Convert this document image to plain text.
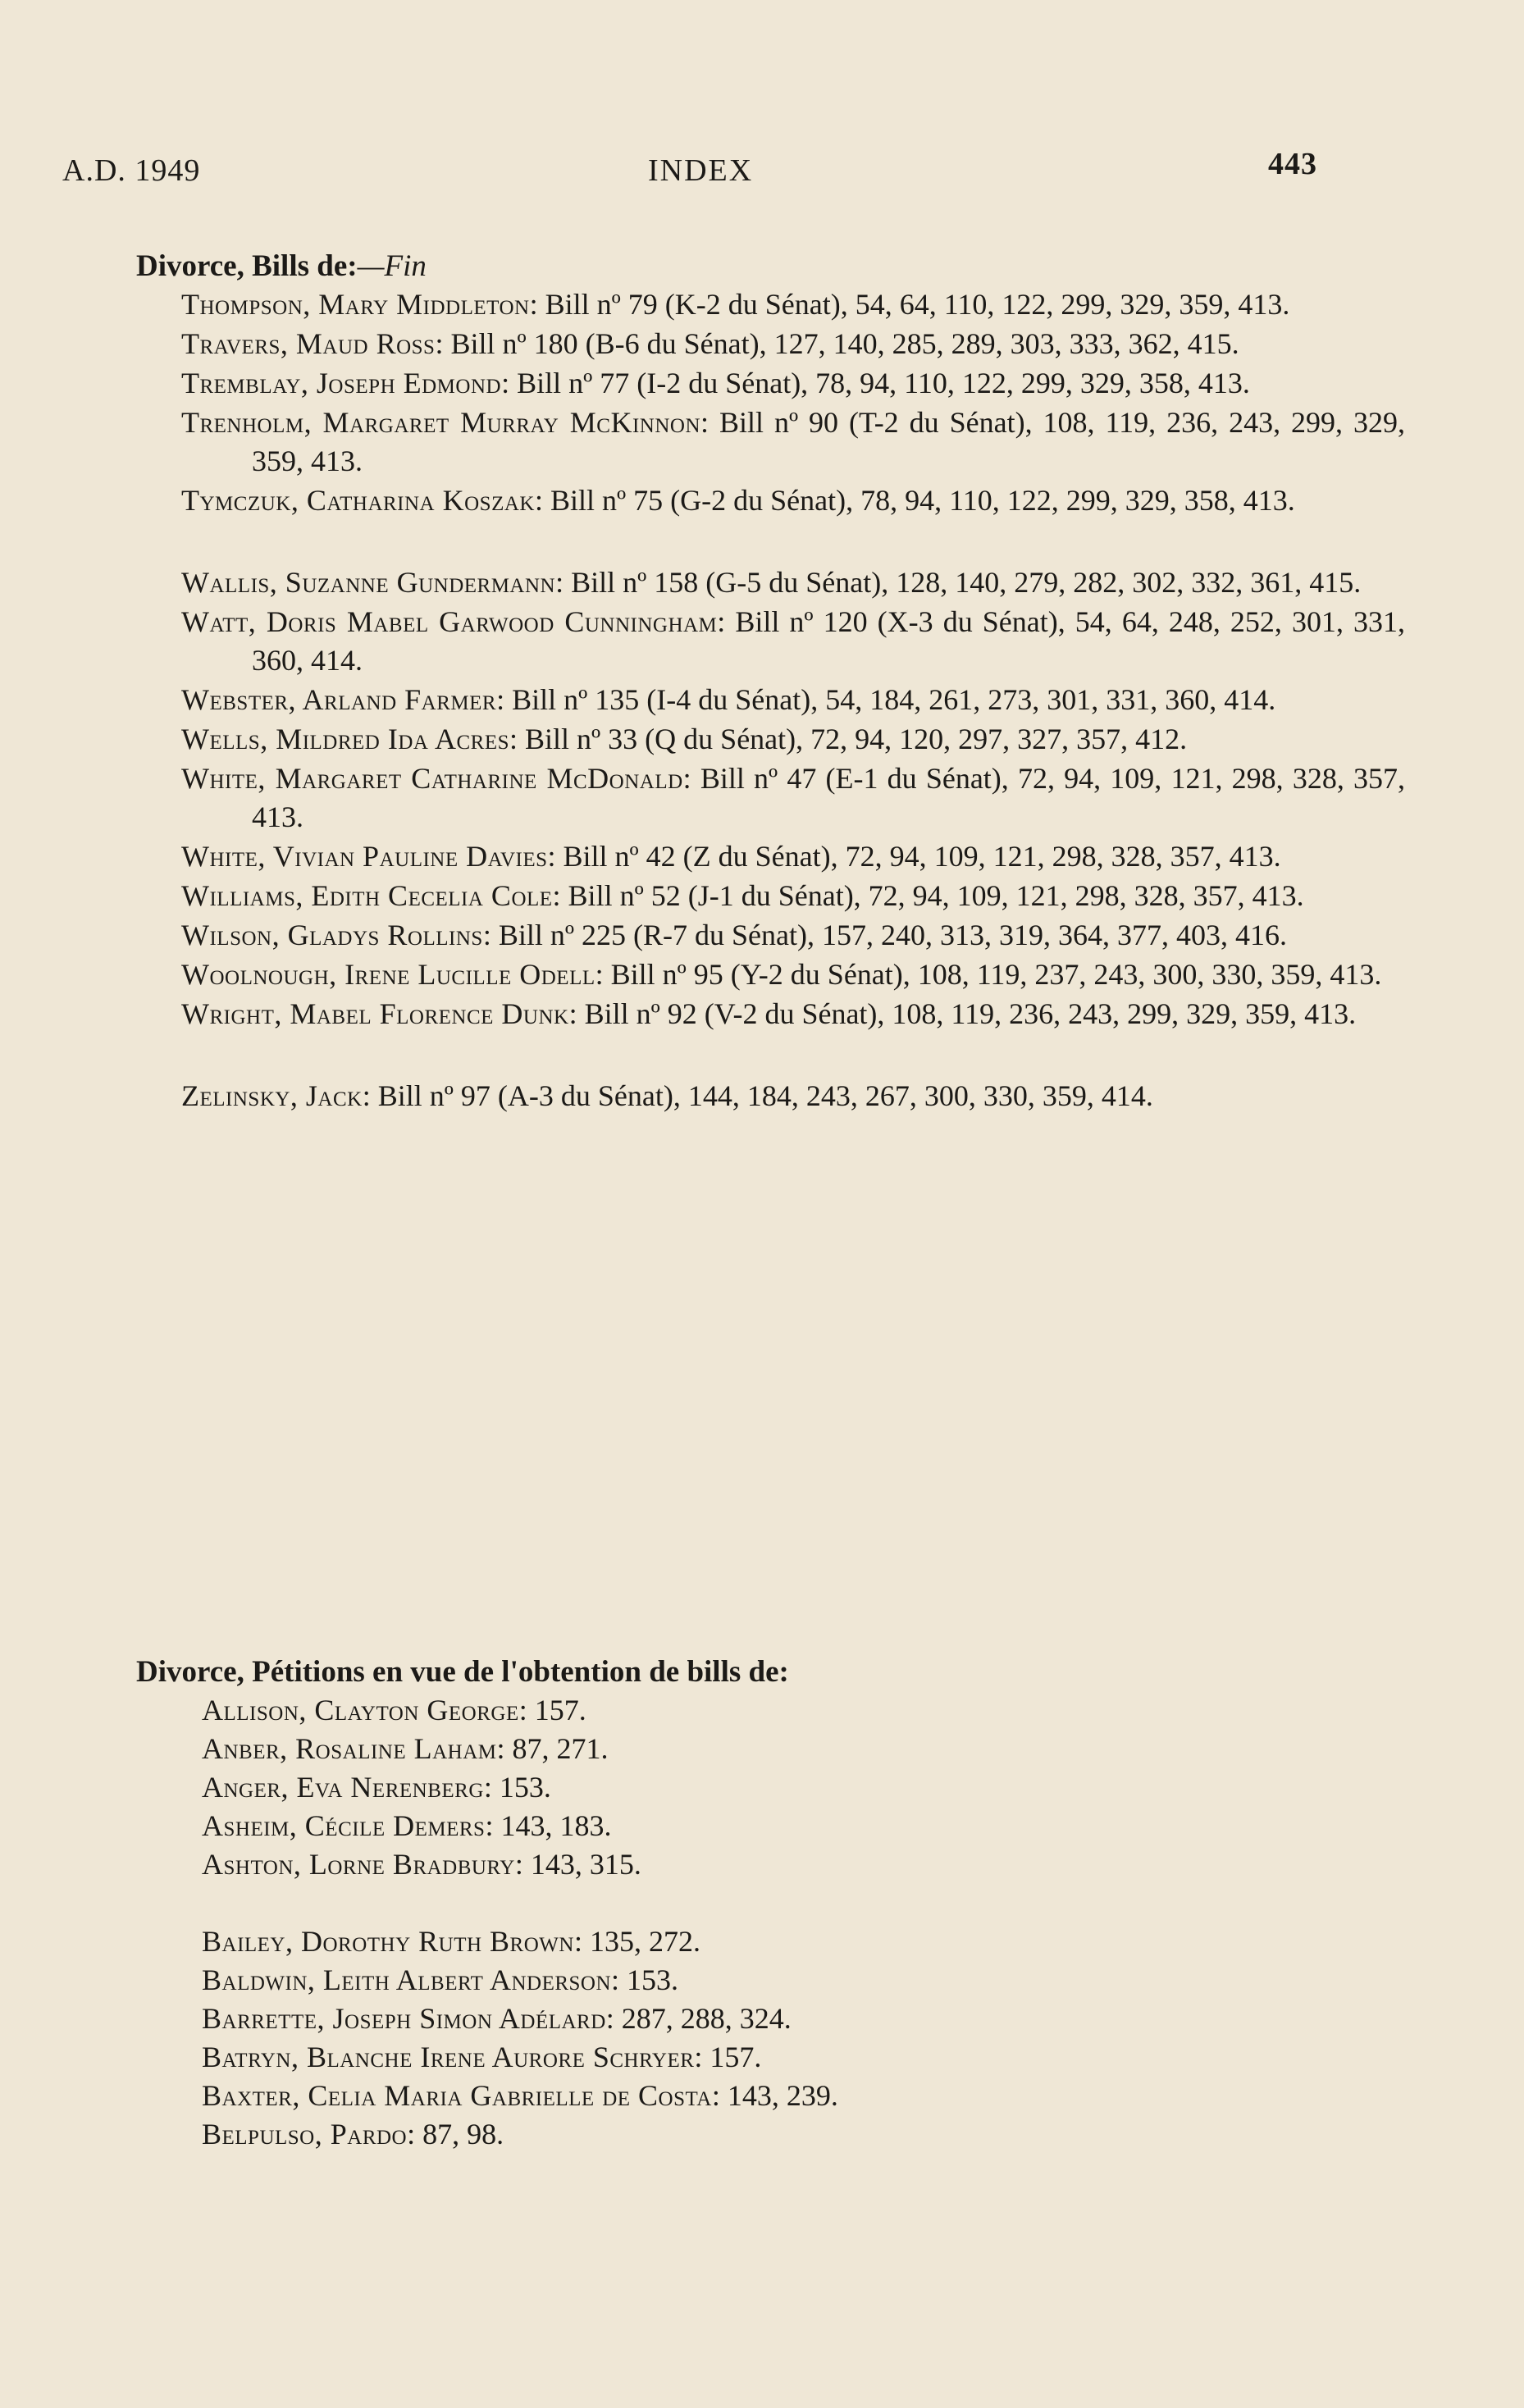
A.D. 1949	INDEX	443
Divorce, Bills de:—Fin
Thompson, Mary Middleton: Bill nº 79 (K-2 du Sénat), 54, 64, 110, 122, 299, 329, 359, 413.
Travers, Maud Ross: Bill nº 180 (B-6 du Sénat), 127, 140, 285, 289, 303, 333, 362, 415.
Tremblay, Joseph Edmond: Bill nº 77 (I-2 du Sénat), 78, 94, 110, 122, 299, 329, 358, 413.
Trenholm, Margaret Murray McKinnon: Bill nº 90 (T-2 du Sénat), 108, 119, 236, 243, 299, 329, 359, 413.
Tymczuk, Catharina Koszak: Bill nº 75 (G-2 du Sénat), 78, 94, 110, 122, 299, 329, 358, 413.
Wallis, Suzanne Gundermann: Bill nº 158 (G-5 du Sénat), 128, 140, 279, 282, 302, 332, 361, 415.
Watt, Doris Mabel Garwood Cunningham: Bill nº 120 (X-3 du Sénat), 54, 64, 248, 252, 301, 331, 360, 414.
Webster, Arland Farmer: Bill nº 135 (I-4 du Sénat), 54, 184, 261, 273, 301, 331, 360, 414.
Wells, Mildred Ida Acres: Bill nº 33 (Q du Sénat), 72, 94, 120, 297, 327, 357, 412.
White, Margaret Catharine McDonald: Bill nº 47 (E-1 du Sénat), 72, 94, 109, 121, 298, 328, 357, 413.
White, Vivian Pauline Davies: Bill nº 42 (Z du Sénat), 72, 94, 109, 121, 298, 328, 357, 413.
Williams, Edith Cecelia Cole: Bill nº 52 (J-1 du Sénat), 72, 94, 109, 121, 298, 328, 357, 413.
Wilson, Gladys Rollins: Bill nº 225 (R-7 du Sénat), 157, 240, 313, 319, 364, 377, 403, 416.
Woolnough, Irene Lucille Odell: Bill nº 95 (Y-2 du Sénat), 108, 119, 237, 243, 300, 330, 359, 413.
Wright, Mabel Florence Dunk: Bill nº 92 (V-2 du Sénat), 108, 119, 236, 243, 299, 329, 359, 413.
Zelinsky, Jack: Bill nº 97 (A-3 du Sénat), 144, 184, 243, 267, 300, 330, 359, 414.
Divorce, Pétitions en vue de l'obtention de bills de:
Allison, Clayton George: 157.
Anber, Rosaline Laham: 87, 271.
Anger, Eva Nerenberg: 153.
Asheim, Cécile Demers: 143, 183.
Ashton, Lorne Bradbury: 143, 315.
Bailey, Dorothy Ruth Brown: 135, 272.
Baldwin, Leith Albert Anderson: 153.
Barrette, Joseph Simon Adélard: 287, 288, 324.
Batryn, Blanche Irene Aurore Schryer: 157.
Baxter, Celia Maria Gabrielle de Costa: 143, 239.
Belpulso, Pardo: 87, 98.
